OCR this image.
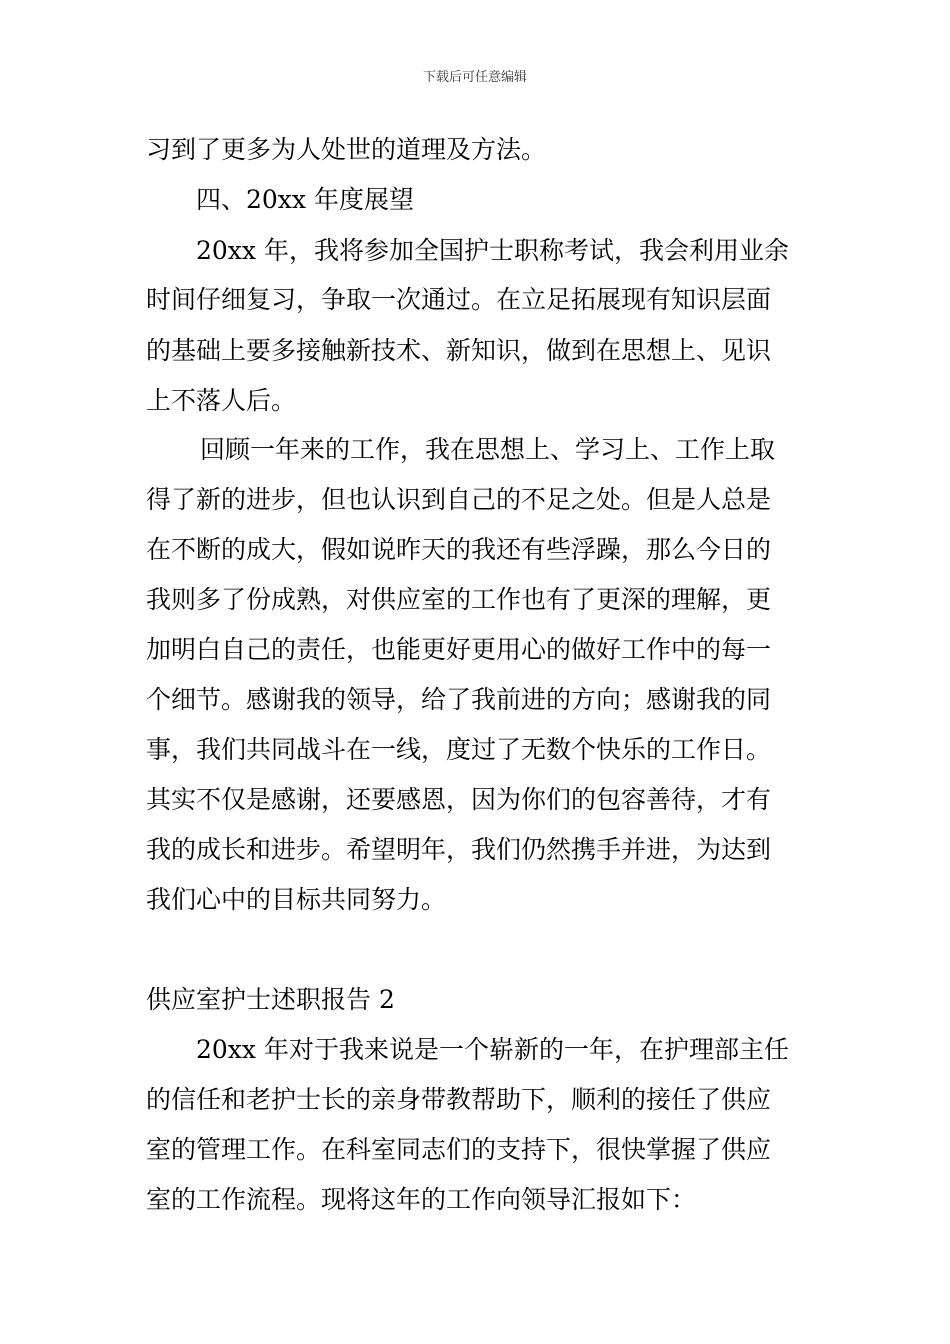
下载后可任意编辑
习到了更多为人处世的道理及方法。
四、20xx 年度展望
20xx 年，我将参加全国护士职称考试，我会利用业余
时间仔细复习，争取一次通过。在立足拓展现有知识层面
的基础上要多接触新技术、新知识，做到在思想上、见识
上不落人后。
回顾一年来的工作，我在思想上、学习上、工作上取
得了新的进步，但也认识到自己的不足之处。但是人总是
在不断的成大，假如说昨天的我还有些浮躁，那么今日的
我则多了份成熟，对供应室的工作也有了更深的理解，更
加明白自己的责任，也能更好更用心的做好工作中的每一
个细节。感谢我的领导，给了我前进的方向；感谢我的同
事，我们共同战斗在一线，度过了无数个快乐的工作日。
其实不仅是感谢，还要感恩，因为你们的包容善待，才有
我的成长和进步。希望明年，我们仍然携手并进，为达到
我们心中的目标共同努力。
供应室护士述职报告 2
20xx 年对于我来说是一个崭新的一年，在护理部主任
的信任和老护士长的亲身带教帮助下，顺利的接任了供应
室的管理工作。在科室同志们的支持下，很快掌握了供应
室的工作流程。现将这年的工作向领导汇报如下：
